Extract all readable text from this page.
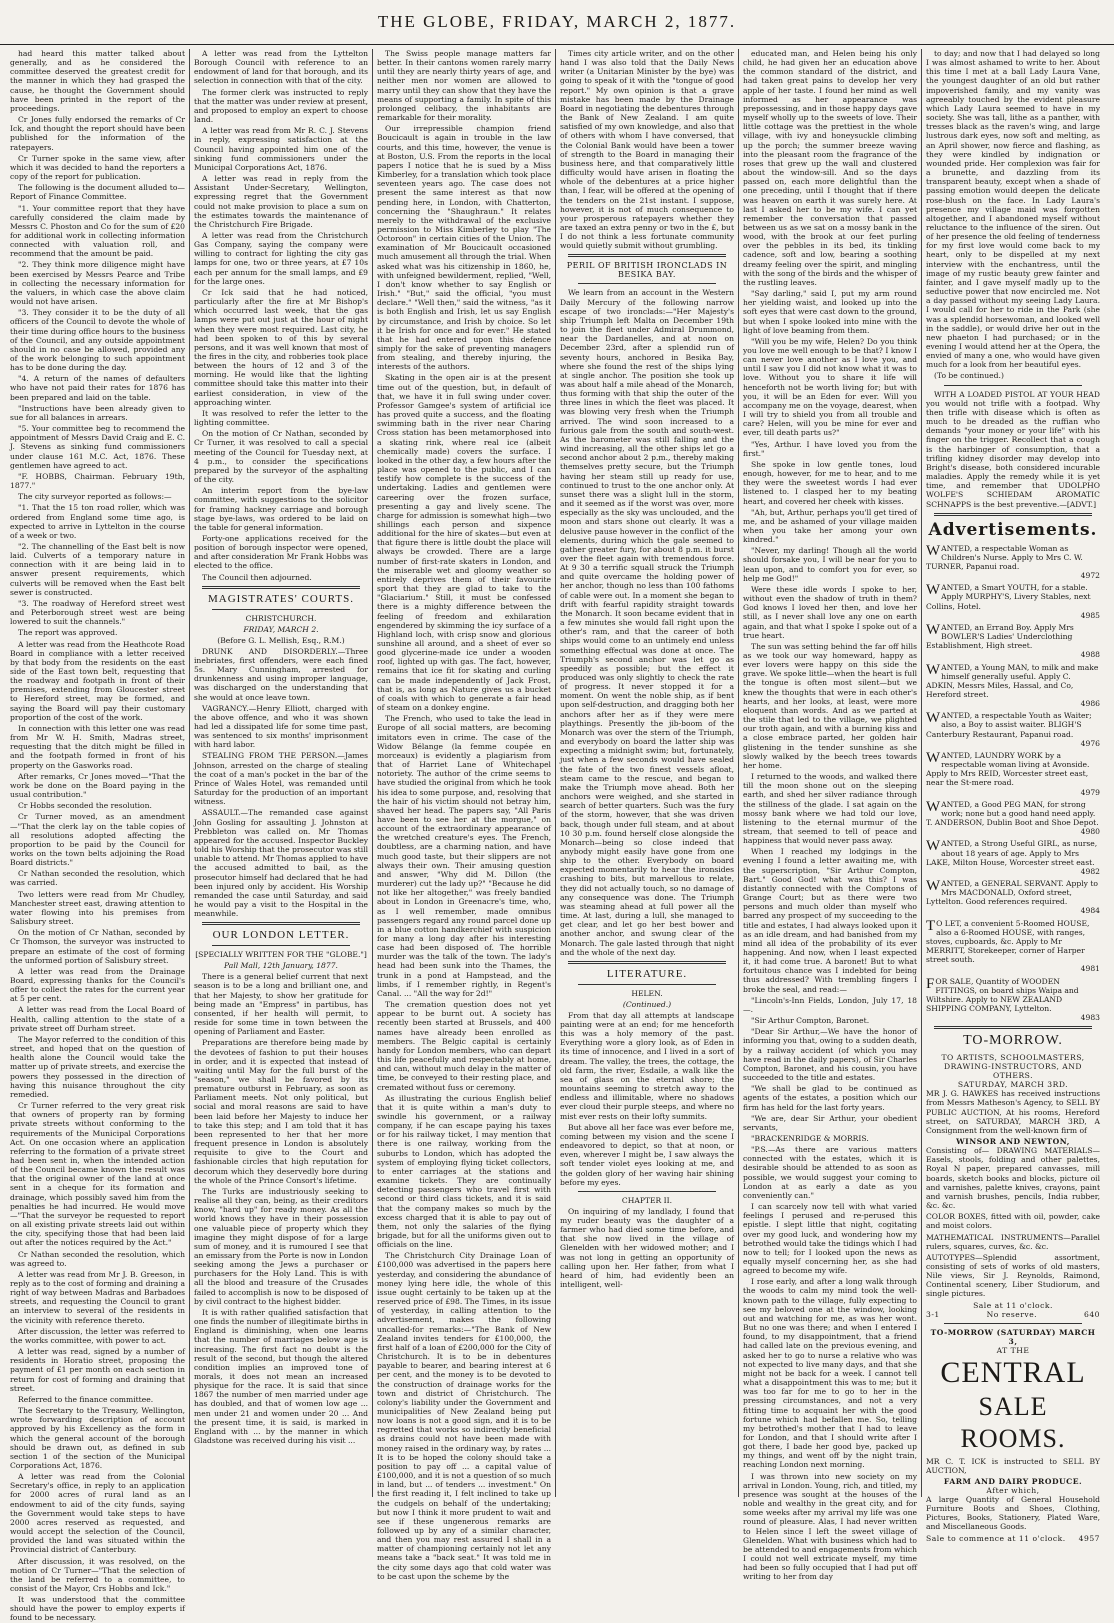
THE GLOBE, FRIDAY, MARCH 2, 1877.

had heard this matter talked about generally, and as he considered the committee deserved the greatest credit for the manner in which they had grasped the cause, he thought the Government should have been printed in the report of the proceedings.

Cr Jones fully endorsed the remarks of Cr Ick, and thought the report should have been published for the information of the ratepayers.

Cr Turner spoke in the same view, after which it was decided to hand the reporters a copy of the report for publication.

The following is the document alluded to— Report of Finance Committee.

"1. Your committee report that they have carefully considered the claim made by Messrs C. Phoston and Co for the sum of £20 for additional work in collecting information connected with valuation roll, and recommend that the amount be paid.

"2. They think more diligence might have been exercised by Messrs Pearce and Tribe in collecting the necessary information for the valuers, in which case the above claim would not have arisen.

"3. They consider it to be the duty of all officers of the Council to devote the whole of their time during office hours to the business of the Council, and any outside appointment should in no case be allowed, provided any of the work belonging to such appointment has to be done during the day.

"4. A return of the names of defaulters who have not paid their rates for 1876 has been prepared and laid on the table.

"Instructions have been already given to sue for all balances in arrears.

"5. Your committee beg to recommend the appointment of Messrs David Craig and E. C. J. Stevens as sinking fund commissioners under clause 161 M.C. Act, 1876. These gentlemen have agreed to act.

"F. HOBBS, Chairman. February 19th, 1877."

The city surveyor reported as follows:—

"1. That the 15 ton road roller, which was ordered from England some time ago, is expected to arrive in Lyttelton in the course of a week or two.

"2. The channelling of the East belt is now laid. Culverts of a temporary nature in connection with it are being laid in to answer present requirements, which culverts will be removed when the East belt sewer is constructed.

"3. The roadway of Hereford street west and Peterborough street west are being lowered to suit the channels."

The report was approved.

A letter was read from the Heathcote Road Board in compliance with a letter received by that body from the residents on the east side of the East town belt, requesting that the roadway and footpath in front of their premises, extending from Gloucester street to Hereford street, may be formed, and saying the Board will pay their customary proportion of the cost of the work.

In connection with this letter one was read from Mr W. H. Smith, Madras street, requesting that the ditch might be filled in and the footpath formed in front of his property on the Gasworks road.

After remarks, Cr Jones moved—"That the work be done on the Board paying in the usual contribution."

Cr Hobbs seconded the resolution.

Cr Turner moved, as an amendment—"That the clerk lay on the table copies of all resolutions adopted affecting the proportion to be paid by the Council for works on the town belts adjoining the Road Board districts."

Cr Nathan seconded the resolution, which was carried.

Two letters were read from Mr Chudley, Manchester street east, drawing attention to water flowing into his premises from Salisbury street.

On the motion of Cr Nathan, seconded by Cr Thomson, the surveyor was instructed to prepare an estimate of the cost of forming the unformed portion of Salisbury street.

A letter was read from the Drainage Board, expressing thanks for the Council's offer to collect the rates for the current year at 5 per cent.

A letter was read from the Local Board of Health, calling attention to the state of a private street off Durham street.

The Mayor referred to the condition of this street, and hoped that on the question of health alone the Council would take the matter up of private streets, and exercise the powers they possessed in the direction of having this nuisance throughout the city remedied.

Cr Turner referred to the very great risk that owners of property ran by forming private streets without conforming to the requirements of the Municipal Corporations Act. On one occasion where an application referring to the formation of a private street had been sent in, when the intended action of the Council became known the result was that the original owner of the land at once sent in a cheque for its formation and drainage, which possibly saved him from the penalties he had incurred. He would move—"That the surveyor be requested to report on all existing private streets laid out within the city, specifying those that had been laid out after the notices required by the Act."

Cr Nathan seconded the resolution, which was agreed to.

A letter was read from Mr J. B. Greeson, in reply as to the cost of forming and draining a right of way between Madras and Barbadoes streets, and requesting the Council to grant an interview to several of the residents in the vicinity with reference thereto.

After discussion, the letter was referred to the works committee, with power to act.

A letter was read, signed by a number of residents in Horatio street, proposing the payment of £1 per month on each section in return for cost of forming and draining that street.

Referred to the finance committee.

The Secretary to the Treasury, Wellington, wrote forwarding description of account approved by his Excellency as the form in which the general account of the borough should be drawn out, as defined in sub section 1 of the section of the Municipal Corporations Act, 1876.

A letter was read from the Colonial Secretary's office, in reply to an application for 2000 acres of rural land as an endowment to aid of the city funds, saying the Government would take steps to have 2000 acres reserved as requested, and would accept the selection of the Council, provided the land was situated within the Provincial district of Canterbury.

After discussion, it was resolved, on the motion of Cr Turner—"That the selection of the land be referred to a committee, to consist of the Mayor, Crs Hobbs and Ick."

It was understood that the committee should have the power to employ experts if found to be necessary.

A letter was read from the Lyttelton Borough Council with reference to an endowment of land for that borough, and its selection in connection with that of the city.

The former clerk was instructed to reply that the matter was under review at present, and proposed to employ an expert to choose land.

A letter was read from Mr R. C. J. Stevens in reply, expressing satisfaction at the Council having appointed him one of the sinking fund commissioners under the Municipal Corporations Act, 1876.

A letter was read in reply from the Assistant Under-Secretary, Wellington, expressing regret that the Government could not make provision to place a sum on the estimates towards the maintenance of the Christchurch Fire Brigade.

A letter was read from the Christchurch Gas Company, saying the company were willing to contract for lighting the city gas lamps for one, two or three years, at £7 10s each per annum for the small lamps, and £9 for the large ones.

Cr Ick said that he had noticed, particularly after the fire at Mr Bishop's which occurred last week, that the gas lamps were put out just at the hour of night when they were most required. Last city, he had been spoken to of this by several persons, and it was well known that most of the fires in the city, and robberies took place between the hours of 12 and 3 of the morning. He would like that the lighting committee should take this matter into their earliest consideration, in view of the approaching winter.

It was resolved to refer the letter to the lighting committee.

On the motion of Cr Nathan, seconded by Cr Turner, it was resolved to call a special meeting of the Council for Tuesday next, at 4 p.m., to consider the specifications prepared by the surveyor of the asphalting of the city.

An interim report from the bye-law committee, with suggestions to the solicitor for framing hackney carriage and borough stage bye-laws, was ordered to be laid on the table for general information.

Forty-one applications received for the position of borough inspector were opened, and after consideration Mr Frank Hobbs was elected to the office.

The Council then adjourned.

MAGISTRATES' COURTS.
CHRISTCHURCH.
FRIDAY, MARCH 2.
(Before G. L. Mellish, Esq., R.M.)

DRUNK AND DISORDERLY.—Three inebriates, first offenders, were each fined 5s. Mary Cunningham, arrested for drunkenness and using improper language, was discharged on the understanding that she would at once leave town.

VAGRANCY.—Henry Elliott, charged with the above offence, and who it was shown had led a dissipated life for some time past, was sentenced to six months' imprisonment with hard labor.

STEALING FROM THE PERSON.—James Johnson, arrested on the charge of stealing the coat of a man's pocket in the bar of the Prince of Wales Hotel, was remanded until Saturday for the production of an important witness.

ASSAULT.—The remanded case against John Gosling for assaulting J. Johnston at Prebbleton was called on. Mr Thomas appeared for the accused. Inspector Buckley told his Worship that the prosecutor was still unable to attend. Mr Thomas applied to have the accused admitted to bail, as the prosecutor himself had declared that he had been injured only by accident. His Worship remanded the case until Saturday, and said he would pay a visit to the Hospital in the meanwhile.

OUR LONDON LETTER.
[SPECIALLY WRITTEN FOR THE "GLOBE."]
Pall Mall, 12th January, 1877.

There is a general belief current that next season is to be a long and brilliant one, and that her Majesty, to show her gratitude for being made an "Empress" in partibus, has consented, if her health will permit, to reside for some time in town between the opening of Parliament and Easter.

Preparations are therefore being made by the devotees of fashion to put their houses in order, and it is expected that instead of waiting until May for the full burst of the "season," we shall be favored by its premature outburst in February, as soon as Parliament meets. Not only political, but social and moral reasons are said to have been laid before her Majesty to induce her to take this step; and I am told that it has been represented to her that her more frequent presence in London is absolutely requisite to give to the Court and fashionable circles that high reputation for decorum which they deservedly bore during the whole of the Prince Consort's lifetime.

The Turks are industriously seeking to realise all they can, being, as their creditors know, "hard up" for ready money. As all the world knows they have in their possession one valuable piece of property which they imagine they might dispose of for a large sum of money, and it is rumoured I see that an emissary from the Porte is now in London seeking among the Jews a purchaser or purchasers for the Holy Land. This is with all the blood and treasure of the Crusades failed to accomplish is now to be disposed of by civil contract to the highest bidder.

It is with rather qualified satisfaction that one finds the number of illegitimate births in England is diminishing, when one learns that the number of marriages below age is increasing. The first fact no doubt is the result of the second, but though the altered condition implies an improved tone of morals, it does not mean an increased physique for the race. It is said that since 1867 the number of men married under age has doubled, and that of women low age ... men under 21 and women under 20 ... And the present time, it is said, is marked in England with ... by the manner in which Gladstone was received during his visit ...

The Swiss people manage matters far better. In their cantons women rarely marry until they are nearly thirty years of age, and neither men nor women are allowed to marry until they can show that they have the means of supporting a family. In spite of this prolonged celibacy, the inhabitants are remarkable for their morality.

Our irrepressible champion friend Boucicault is again in trouble in the law courts, and this time, however, the venue is at Boston, U.S. From the reports in the local papers I notice that he is sued by a Miss Kimberley, for a translation which took place seventeen years ago. The case does not present the same interest as that now pending here, in London, with Chatterton, concerning the "Shaughraun." It relates merely to the withdrawal of the exclusive permission to Miss Kimberley to play "The Octoroon" in certain cities of the Union. The examination of Mr Boucicault occasioned much amusement all through the trial. When asked what was his citizenship in 1860, he, with unfeigned bewilderment, replied, "Well, I don't know whether to say English or Irish." "But," said the official, "you must declare." "Well then," said the witness, "as it is both English and Irish, let us say English by circumstance, and Irish by choice. So let it be Irish for once and for ever." He stated that he had entered upon this defence simply for the sake of preventing managers from stealing, and thereby injuring, the interests of the authors.

Skating in the open air is at the present time out of the question, but, in default of that, we have it in full swing under cover. Professor Gamgee's system of artificial ice has proved quite a success, and the floating swimming bath in the river near Charing Cross station has been metamorphosed into a skating rink, where real ice (albeit chemically made) covers the surface. I looked in the other day, a few hours after the place was opened to the public, and I can testify how complete is the success of the undertaking. Ladies and gentlemen were careering over the frozen surface, presenting a gay and lively scene. The charge for admission is somewhat high—two shillings each person and sixpence additional for the hire of skates—but even at that figure there is little doubt the place will always be crowded. There are a large number of first-rate skaters in London, and the miserable wet and gloomy weather so entirely deprives them of their favourite sport that they are glad to take to the "Glaciarium." Still, it must be confessed there is a mighty difference between the feeling of freedom and exhilaration engendered by skimming the icy surface of a Highland loch, with crisp snow and glorious sunshine all around, and a sheet of ever so good glycerine-made ice under a wooden roof, lighted up with gas. The fact, however, remains that ice fit for skating and curling can be made independently of Jack Frost, that is, as long as Nature gives us a bucket of coals with which to generate a fair head of steam on a donkey engine.

The French, who used to take the lead in Europe of all social matters, are becoming imitators even in crime. The case of the Widow Bélange (la femme coupée en morceaux) is evidently a plagiarism from that of Harriet Lane of Whitechapel notoriety. The author of the crime seems to have studied the original from which he took his idea to some purpose, and, resolving that the hair of his victim should not betray him, shaved her head. The papers say, "All Paris have been to see her at the morgue," on account of the extraordinary appearance of the wretched creature's eyes. The French, doubtless, are a charming nation, and have much good taste, but their slippers are not always their own. Their amusing question and answer, "Why did M. Dillon (the murderer) cut the lady up?" "Because he did not like her altogether," was freely bandied about in London in Greenacre's time, who, as I well remember, made omnibus passengers regard any round parcel done up in a blue cotton handkerchief with suspicion for many a long day after his interesting case had been disposed of. The horrible murder was the talk of the town. The lady's head had been sunk into the Thames, the trunk in a pond at Hampstead, and the limbs, if I remember rightly, in Regent's Canal. ... "All the way for 2d!"

The cremation question does not yet appear to be burnt out. A society has recently been started at Brussels, and 400 names have already been enrolled as members. The Belgic capital is certainly handy for London members, who can depart this life peacefully and respectably at home, and can, without much delay in the matter of time, be conveyed to their resting place, and cremated without fuss or ceremony.

As illustrating the curious English belief that it is quite within a man's duty to swindle his government, or a railway company, if he can escape paying his taxes or for his railway ticket, I may mention that there is one railway, working from the suburbs to London, which has adopted the system of employing flying ticket collectors, to enter carriages at the stations and examine tickets. They are continually detecting passengers who travel first with second or third class tickets, and it is said that the company makes so much by the excess charged that it is able to pay out of them, not only the salaries of the flying brigade, but for all the uniforms given out to officials on the line.

The Christchurch City Drainage Loan of £100,000 was advertised in the papers here yesterday, and considering the abundance of money lying here idle, the whole of this issue ought certainly to be taken up at the reserved price of £98. The Times, in its issue of yesterday, in calling attention to the advertisement, makes the following uncalled-for remarks:—"The Bank of New Zealand invites tenders for £100,000, the first half of a loan of £200,000 for the City of Christchurch. It is to be in debentures payable to bearer, and bearing interest at 6 per cent, and the money is to be devoted to the construction of drainage works for the town and district of Christchurch. The colony's liability under the Government and municipalities of New Zealand being put now loans is not a good sign, and it is to be regretted that works so indirectly beneficial as drains could not have been made with money raised in the ordinary way, by rates ... It is to be hoped the colony should take a position to pay off ... a capital value of £100,000, and it is not a question of so much in land, but ... of tenders ... investment." On the first reading it, I felt inclined to take up the cudgels on behalf of the undertaking; but now I think it more prudent to wait and see if these ungenerous remarks are followed up by any of a similar character, and then you may rest assured I shall in a matter of championing certainly not let any means take a "back seat." It was told me in the city some days ago that cold water was to be cast upon the scheme by the

Times city article writer, and on the other hand I was also told that the Daily News writer (a Unitarian Minister by the bye) was going to speak of it with the "tongue of good report." My own opinion is that a grave mistake has been made by the Drainage Board in negotiating the debentures through the Bank of New Zealand. I am quite satisfied of my own knowledge, and also that of others with whom I have conversed, that the Colonial Bank would have been a tower of strength to the Board in managing their business here, and that comparatively little difficulty would have arisen in floating the whole of the debentures at a price higher than, I fear, will be offered at the opening of the tenders on the 21st instant. I suppose, however, it is not of much consequence to your prosperous ratepayers whether they are taxed an extra penny or two in the £, but I do not think a less fortunate community would quietly submit without grumbling.

PERIL OF BRITISH IRONCLADS IN BESIKA BAY.

We learn from an account in the Western Daily Mercury of the following narrow escape of two ironclads:—"Her Majesty's ship Triumph left Malta on December 19th to join the fleet under Admiral Drummond, near the Dardanelles, and at noon on December 23rd, after a splendid run of seventy hours, anchored in Besika Bay, where she found the rest of the ships lying at single anchor. The position she took up was about half a mile ahead of the Monarch, thus forming with that ship the outer of the three lines in which the fleet was placed. It was blowing very fresh when the Triumph arrived. The wind soon increased to a furious gale from the south and south-west. As the barometer was still falling and the wind increasing, all the other ships let go a second anchor about 2 p.m., thereby making themselves pretty secure, but the Triumph having her steam still up ready for use, continued to trust to the one anchor only. At sunset there was a slight lull in the storm, and it seemed as if the worst was over, more especially as the sky was unclouded, and the moon and stars shone out clearly. It was a delusive pause however in the conflict of the elements, during which the gale seemed to gather greater fury, for about 8 p.m. it burst over the fleet again with tremendous force. At 9 30 a terrific squall struck the Triumph and quite overcame the holding power of her anchor, though no less than 100 fathoms of cable were out. In a moment she began to drift with fearful rapidity straight towards the Monarch. It soon became evident that in a few minutes she would fall right upon the other's ram, and that the career of both ships would come to an untimely end unless something effectual was done at once. The Triumph's second anchor was let go as speedily as possible; but the effect it produced was only slightly to check the rate of progress. It never stopped it for a moment. On went the noble ship, as if bent upon self-destruction, and dragging both her anchors after her as if they were mere playthings. Presently the jib-boom of the Monarch was over the stern of the Triumph, and everybody on board the latter ship was expecting a midnight swim; but, fortunately, just when a few seconds would have sealed the fate of the two finest vessels afloat, steam came to the rescue, and began to make the Triumph move ahead. Both her anchors were weighed, and she started in search of better quarters. Such was the fury of the storm, however, that she was driven back, though under full steam, and at about 10 30 p.m. found herself close alongside the Monarch—being so close indeed that anybody might easily have gone from one ship to the other. Everybody on board expected momentarily to hear the ironsides crashing to bits, but marvellous to relate, they did not actually touch, so no damage of any consequence was done. The Triumph was steaming ahead at full power all the time. At last, during a lull, she managed to get clear, and let go her best bower and another anchor, and swung clear of the Monarch. The gale lasted through that night and the whole of the next day.

LITERATURE.
HELEN.
(Continued.)

From that day all attempts at landscape painting were at an end; for me henceforth this was a holy memory of the past. Everything wore a glory look, as of Eden in its time of innocence, and I lived in a sort of dream. The valley, the trees, the cottage, the old farm, the river, Esdaile, a walk like the sea of glass on the eternal shore; the mountains seeming to stretch away to the endless and illimitable, where no shadows ever cloud their purple steeps, and where no mist ever rests on their lofty summits.

But above all her face was ever before me, coming between my vision and the scene I endeavored to depict, so that at noon, or even, wherever I might be, I saw always the soft tender violet eyes looking at me, and the golden glory of her waving hair shining before my eyes.

CHAPTER II.

On inquiring of my landlady, I found that my ruder beauty was the daughter of a farmer who had died some time before, and that she now lived in the village of Glenelden with her widowed mother; and I was not long in getting an opportunity of calling upon her. Her father, from what I heard of him, had evidently been an intelligent, well-

educated man, and Helen being his only child, he had given her an education above the common standard of the district, and had taken great pains to develop her very apple of her taste. I found her mind as well informed as her appearance was prepossessing, and in those happy days gave myself wholly up to the sweets of love. Their little cottage was the prettiest in the whole village, with ivy and honeysuckle climbing up the porch; the summer breeze waving into the pleasant room the fragrance of the roses that grew up the wall and clustered about the window-sill. And so the days passed on, each more delightful than the one preceding, until I thought that if there was heaven on earth it was surely here. At last I asked her to be my wife. I can yet remember the conversation that passed between us as we sat on a mossy bank in the wood, with the brook at our feet purling over the pebbles in its bed, its tinkling cadence, soft and low, bearing a soothing dreamy feeling over the spirit, and mingling with the song of the birds and the whisper of the rustling leaves.

"Say darling," said I, put my arm round her yielding waist, and looked up into the soft eyes that were cast down to the ground, but when I spoke looked into mine with the light of love beaming from them.

"Will you be my wife, Helen? Do you think you love me well enough to be that? I know I can never love another as I love you, and until I saw you I did not know what it was to love. Without you to share it life will henceforth not be worth living for; but with you, it will be an Eden for ever. Will you accompany me on the voyage, dearest, when I will try to shield you from all trouble and care? Helen, will you be mine for ever and ever, till death parts us?"

"Yes, Arthur. I have loved you from the first."

She spoke in low gentle tones, loud enough, however, for me to hear, and to me they were the sweetest words I had ever listened to. I clasped her to my beating heart, and covered her cheek with kisses.

"Ah, but, Arthur, perhaps you'll get tired of me, and be ashamed of your village maiden when you take her among your own kindred."

"Never, my darling! Though all the world should forsake you, I will be near for you to lean upon, and to comfort you for ever, so help me God!"

Were these idle words I spoke to her, without even the shadow of truth in them? God knows I loved her then, and love her still, as I never shall love any one on earth again, and that what I spoke I spoke out of a true heart.

The sun was setting behind the far off hills as we took our way homeward, happy as ever lovers were happy on this side the grave. We spoke little—when the heart is full the tongue is often most silent—but we knew the thoughts that were in each other's hearts, and her looks, at least, were more eloquent than words. And as we parted at the stile that led to the village, we plighted our troth again, and with a burning kiss and a close embrace parted, her golden hair glistening in the tender sunshine as she slowly walked by the beech trees towards her home.

I returned to the woods, and walked there till the moon shone out on the sleeping earth, and shed her silver radiance through the stillness of the glade. I sat again on the mossy bank where we had told our love, listening to the eternal murmur of the stream, that seemed to tell of peace and happiness that would never pass away.

When I reached my lodgings in the evening I found a letter awaiting me, with the superscription, "Sir Arthur Compton, Bart." Good God! what was this? I was distantly connected with the Comptons of Grange Court; but as there were two persons and much older than myself who barred any prospect of my succeeding to the title and estates, I had always looked upon it as an idle dream, and had banished from my mind all idea of the probability of its ever happening. And now, when I least expected it, it had come true. A baronet! But to what fortuitous chance was I indebted for being thus addressed? With trembling fingers I broke the seal, and read:—

"Lincoln's-Inn Fields, London, July 17, 18—.

"Sir Arthur Compton, Baronet.

"Dear Sir Arthur,—We have the honor of informing you that, owing to a sudden death, by a railway accident (of which you may have read in the daily papers), of Sir Charles Compton, Baronet, and his cousin, you have succeeded to the title and estates.

"We shall be glad to be continued as agents of the estates, a position which our firm has held for the last forty years.

"We are, dear Sir Arthur, your obedient servants,

"BRACKENRIDGE & MORRIS.

"P.S.—As there are various matters connected with the estates, which it is desirable should be attended to as soon as possible, we would suggest your coming to London at as early a date as you conveniently can."

I can scarcely now tell with what varied feelings I perused and re-perused this epistle. I slept little that night, cogitating over my good luck, and wondering how my betrothed would take the tidings which I had now to tell; for I looked upon the news as equally myself concerning her, as she had agreed to become my wife.

I rose early, and after a long walk through the woods to calm my mind took the well-known path to the village, fully expecting to see my beloved one at the window, looking out and watching for me, as was her wont. But no one was there; and when I entered I found, to my disappointment, that a friend had called late on the previous evening, and asked her to go to nurse a relative who was not expected to live many days, and that she might not be back for a week. I cannot tell what a disappointment this was to me; but it was too far for me to go to her in the pressing circumstances, and not a very fitting time to acquaint her with the good fortune which had befallen me. So, telling my betrothed's mother that I had to leave for London, and that I should write after I got there, I bade her good bye, packed up my things, and went off by the night train, reaching London next morning.

I was thrown into new society on my arrival in London. Young, rich, and titled, my presence was sought at the houses of the noble and wealthy in the great city, and for some weeks after my arrival my life was one round of pleasure. Alas, I had never written to Helen since I left the sweet village of Glenelden. What with business which had to be attended to and engagements from which I could not well extricate myself, my time had been so fully occupied that I had put off writing to her from day

to day; and now that I had delayed so long I was almost ashamed to write to her. About this time I met at a ball Lady Laura Vane, the youngest daughter of an old but rather impoverished family, and my vanity was agreeably touched by the evident pleasure which Lady Laura seemed to have in my society. She was tall, lithe as a panther, with tresses black as the raven's wing, and large lustrous dark eyes, now soft and melting, as an April shower, now fierce and flashing, as they were kindled by indignation or wounded pride. Her complexion was fair for a brunette, and dazzling from its transparent beauty, except when a shade of passing emotion would deepen the delicate rose-blush on the face. In Lady Laura's presence my village maid was forgotten altogether, and I abandoned myself without reluctance to the influence of the siren. Out of her presence the old feeling of tenderness for my first love would come back to my heart, only to be dispelled at my next interview with the enchantress, until the image of my rustic beauty grew fainter and fainter, and I gave myself madly up to the seductive power that now encircled me. Not a day passed without my seeing Lady Laura. I would call for her to ride in the Park (she was a splendid horsewoman, and looked well in the saddle), or would drive her out in the new phaeton I had purchased; or in the evening I would attend her at the Opera, the envied of many a one, who would have given much for a look from her beautiful eyes.

(To be continued.)

WITH A LOADED PISTOL AT YOUR HEAD you would not trifle with a footpad. Why then trifle with disease which is often as much to be dreaded as the ruffian who demands "your money or your life" with his finger on the trigger. Recollect that a cough is the harbinger of consumption, that a trifling kidney disorder may develop into Bright's disease, both considered incurable maladies. Apply the remedy while it is yet time, and remember that UDOLPHO WOLFE'S SCHIEDAM AROMATIC SCHNAPPS is the best preventive.—[ADVT.]

Advertisements.
WANTED, a respectable Woman as Children's Nurse. Apply to Mrs C. W. TURNER, Papanui road.
4972
WANTED, a Smart YOUTH, for a stable. Apply MURPHY'S, Livery Stables, next Collins, Hotel.
4985
WANTED, an Errand Boy. Apply Mrs BOWLER'S Ladies' Underclothing Establishment, High street.
4988
WANTED, a Young MAN, to milk and make himself generally useful. Apply C. ADKIN, Messrs Miles, Hassal, and Co, Hereford street.
4986
WANTED, a respectable Youth as Waiter; also, a Boy to assist waiter. BLIGH'S Canterbury Restaurant, Papanui road.
4976
WANTED, LAUNDRY WORK by a respectable woman living at Avonside. Apply to Mrs REID, Worcester street east, near the St-mere road.
4979
WANTED, a Good PEG MAN, for strong work; none but a good hand need apply. T. ANDERSON, Dublin Boot and Shoe Depot.
4980
WANTED, a Strong Useful GIRL, as nurse, about 18 years of age. Apply to Mrs LAKE, Milton House, Worcester street east.
4982
WANTED, a GENERAL SERVANT. Apply to Mrs MACDONALD, Oxford street, Lyttelton. Good references required.
4984
T O LET, a convenient 5-Roomed HOUSE, also a 6-Roomed HOUSE, with ranges, stoves, cupboards, &c. Apply to Mr MERRITT, Storekeeper, corner of Harper street south.
4981
FOR SALE, Quantity of WOODEN FITTINGS, on board ships Waipa and Wiltshire. Apply to NEW ZEALAND SHIPPING COMPANY, Lyttelton.
4983
TO-MORROW.
TO ARTISTS, SCHOOLMASTERS, DRAWING-INSTRUCTORS, AND OTHERS.
SATURDAY, MARCH 3RD.

MR J. G. HAWKES has received instructions from Messrs Matheson's Agency, to SELL BY PUBLIC AUCTION, At his rooms, Hereford street, on SATURDAY, MARCH 3RD, A Consignment from the well-known firm of

WINSOR AND NEWTON,

Consisting of— DRAWING MATERIALS—Easels, stools, folding and other palettes, Royal N paper, prepared canvasses, mill boards, sketch books and blocks, picture oil and varnishes, palette knives, crayons, paint and varnish brushes, pencils, India rubber, &c. &c.

COLOR BOXES, fitted with oil, powder, cake and moist colors.

MATHEMATICAL INSTRUMENTS—Parallel rulers, squares, curves, &c. &c.

AUTOTYPES—Splendid assortment, consisting of sets of works of old masters, Nile views, Sir J. Reynolds, Raimond, Continental scenery, Liber Studiorum, and single pictures.

Sale at 11 o'clock.
3-1	No reserve.	640
TO-MORROW (SATURDAY) MARCH 3,
AT THE
CENTRAL
SALE ROOMS.

MR C. T. ICK is instructed to SELL BY AUCTION,

FARM AND DAIRY PRODUCE.
After which,

A large Quantity of General Household Furniture Boots and Shoes, Clothing, Pictures, Books, Stationery, Plated Ware, and Miscellaneous Goods.

Sale to commence at 11 o'clock. 4957
